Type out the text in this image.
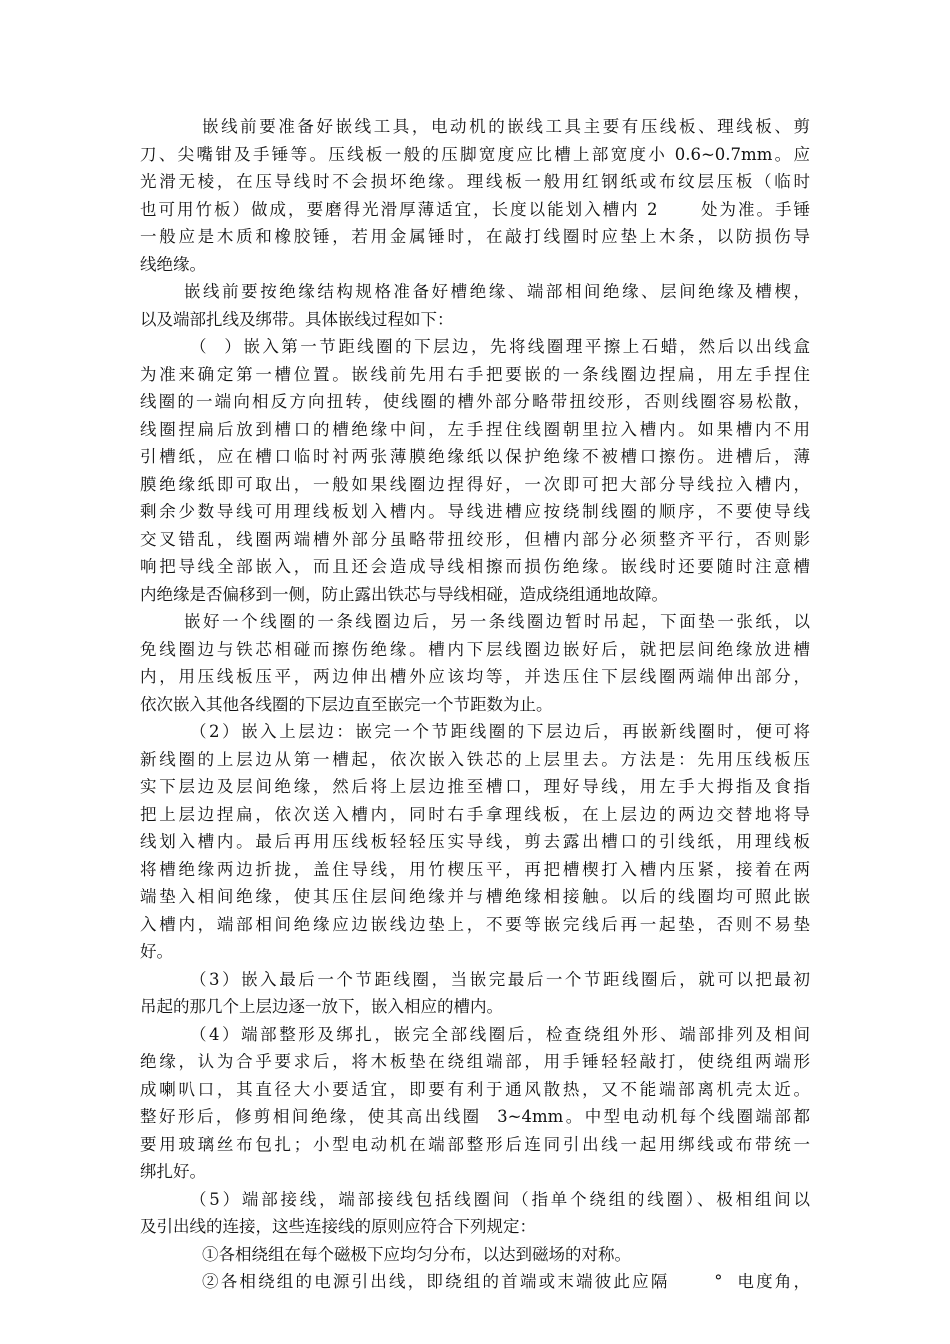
嵌线前要准备好嵌线工具，电动机的嵌线工具主要有压线板、理线板、剪
刀、尖嘴钳及手锤等。压线板一般的压脚宽度应比槽上部宽度小 0.6~0.7mm。应
光滑无棱，在压导线时不会损坏绝缘。理线板一般用红钢纸或布纹层压板（临时
也可用竹板）做成，要磨得光滑厚薄适宜，长度以能划入槽内 2      处为准。手锤
一般应是木质和橡胶锤，若用金属锤时，在敲打线圈时应垫上木条，以防损伤导
线绝缘。
嵌线前要按绝缘结构规格准备好槽绝缘、端部相间绝缘、层间绝缘及槽楔，
以及端部扎线及绑带。具体嵌线过程如下：
（  ）嵌入第一节距线圈的下层边，先将线圈理平擦上石蜡，然后以出线盒
为准来确定第一槽位置。嵌线前先用右手把要嵌的一条线圈边捏扁，用左手捏住
线圈的一端向相反方向扭转，使线圈的槽外部分略带扭绞形，否则线圈容易松散，
线圈捏扁后放到槽口的槽绝缘中间，左手捏住线圈朝里拉入槽内。如果槽内不用
引槽纸，应在槽口临时衬两张薄膜绝缘纸以保护绝缘不被槽口擦伤。进槽后，薄
膜绝缘纸即可取出，一般如果线圈边捏得好，一次即可把大部分导线拉入槽内，
剩余少数导线可用理线板划入槽内。导线进槽应按绕制线圈的顺序，不要使导线
交叉错乱，线圈两端槽外部分虽略带扭绞形，但槽内部分必须整齐平行，否则影
响把导线全部嵌入，而且还会造成导线相擦而损伤绝缘。嵌线时还要随时注意槽
内绝缘是否偏移到一侧，防止露出铁芯与导线相碰，造成绕组通地故障。
嵌好一个线圈的一条线圈边后，另一条线圈边暂时吊起，下面垫一张纸，以
免线圈边与铁芯相碰而擦伤绝缘。槽内下层线圈边嵌好后，就把层间绝缘放进槽
内，用压线板压平，两边伸出槽外应该均等，并迭压住下层线圈两端伸出部分，
依次嵌入其他各线圈的下层边直至嵌完一个节距数为止。
（2）嵌入上层边：嵌完一个节距线圈的下层边后，再嵌新线圈时，便可将
新线圈的上层边从第一槽起，依次嵌入铁芯的上层里去。方法是：先用压线板压
实下层边及层间绝缘，然后将上层边推至槽口，理好导线，用左手大拇指及食指
把上层边捏扁，依次送入槽内，同时右手拿理线板，在上层边的两边交替地将导
线划入槽内。最后再用压线板轻轻压实导线，剪去露出槽口的引线纸，用理线板
将槽绝缘两边折拢，盖住导线，用竹楔压平，再把槽楔打入槽内压紧，接着在两
端垫入相间绝缘，使其压住层间绝缘并与槽绝缘相接触。以后的线圈均可照此嵌
入槽内，端部相间绝缘应边嵌线边垫上，不要等嵌完线后再一起垫，否则不易垫
好。
（3）嵌入最后一个节距线圈，当嵌完最后一个节距线圈后，就可以把最初
吊起的那几个上层边逐一放下，嵌入相应的槽内。
（4）端部整形及绑扎，嵌完全部线圈后，检查绕组外形、端部排列及相间
绝缘，认为合乎要求后，将木板垫在绕组端部，用手锤轻轻敲打，使绕组两端形
成喇叭口，其直径大小要适宜，即要有利于通风散热，又不能端部离机壳太近。
整好形后，修剪相间绝缘，使其高出线圈  3~4mm。中型电动机每个线圈端部都
要用玻璃丝布包扎；小型电动机在端部整形后连同引出线一起用绑线或布带统一
绑扎好。
（5）端部接线，端部接线包括线圈间（指单个绕组的线圈）、极相组间以
及引出线的连接，这些连接线的原则应符合下列规定：
①各相绕组在每个磁极下应均匀分布，以达到磁场的对称。
②各相绕组的电源引出线，即绕组的首端或末端彼此应隔      °  电度角，
